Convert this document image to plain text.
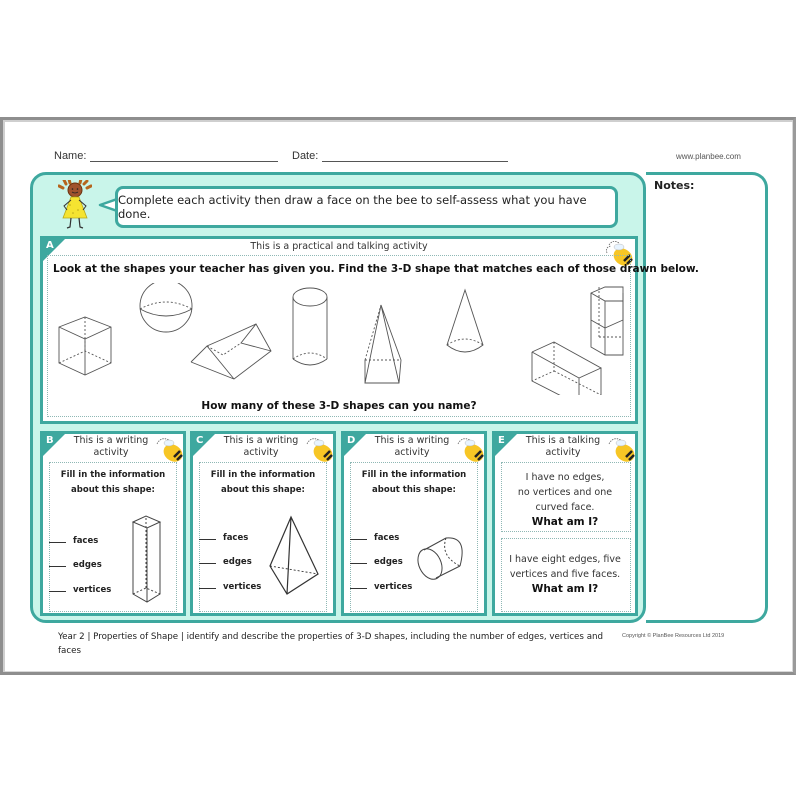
Name:	Date:	www.planbee.com
Notes:
Complete each activity then draw a face on the bee to self-assess what you have done.
A	This is a practical and talking activity
Look at the shapes your teacher has given you. Find the 3-D shape that matches each of those drawn below.
How many of these 3-D shapes can you name?
B	This is a writing
activity
Fill in the information
about this shape:
faces
edges
vertices
C	This is a writing
activity
Fill in the information
about this shape:
faces
edges
vertices
D	This is a writing
activity
Fill in the information
about this shape:
faces
edges
vertices
E	This is a talking
activity
I have no edges,
no vertices and one
curved face.
What am I?
I have eight edges, five
vertices and five faces.
What am I?
Year 2 | Properties of Shape | identify and describe the properties of 3-D shapes, including the number of edges, vertices and faces
Copyright © PlanBee Resources Ltd 2019
